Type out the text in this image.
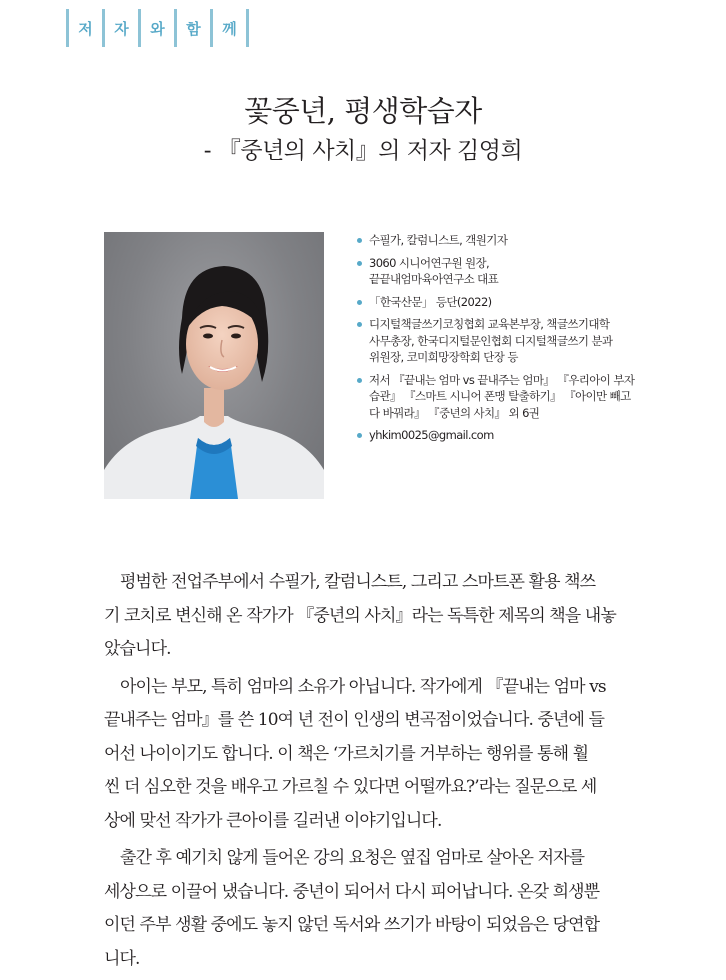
저	자	와	함	께
꽃중년, 평생학습자
- 『중년의 사치』의 저자 김영희
수필가, 칼럼니스트, 객원기자
3060 시니어연구원 원장,
끝끝내엄마육아연구소 대표
「한국산문」 등단(2022)
디지털책글쓰기코칭협회 교육본부장, 책글쓰기대학
사무총장, 한국디지털문인협회 디지털책글쓰기 분과
위원장, 코미희망장학회 단장 등
저서 『끝내는 엄마 vs 끝내주는 엄마』 『우리아이 부자
습관』 『스마트 시니어 폰맹 탈출하기』 『아이만 빼고
다 바꿔라』 『중년의 사치』 외 6권
yhkim0025@gmail.com

평범한 전업주부에서 수필가, 칼럼니스트, 그리고 스마트폰 활용 책쓰
기 코치로 변신해 온 작가가 『중년의 사치』라는 독특한 제목의 책을 내놓
았습니다.

아이는 부모, 특히 엄마의 소유가 아닙니다. 작가에게 『끝내는 엄마 vs
끝내주는 엄마』를 쓴 10여 년 전이 인생의 변곡점이었습니다. 중년에 들
어선 나이이기도 합니다. 이 책은 ‘가르치기를 거부하는 행위를 통해 훨
씬 더 심오한 것을 배우고 가르칠 수 있다면 어떨까요?’라는 질문으로 세
상에 맞선 작가가 큰아이를 길러낸 이야기입니다.

출간 후 예기치 않게 들어온 강의 요청은 옆집 엄마로 살아온 저자를
세상으로 이끌어 냈습니다. 중년이 되어서 다시 피어납니다. 온갖 희생뿐
이던 주부 생활 중에도 놓지 않던 독서와 쓰기가 바탕이 되었음은 당연합
니다.
